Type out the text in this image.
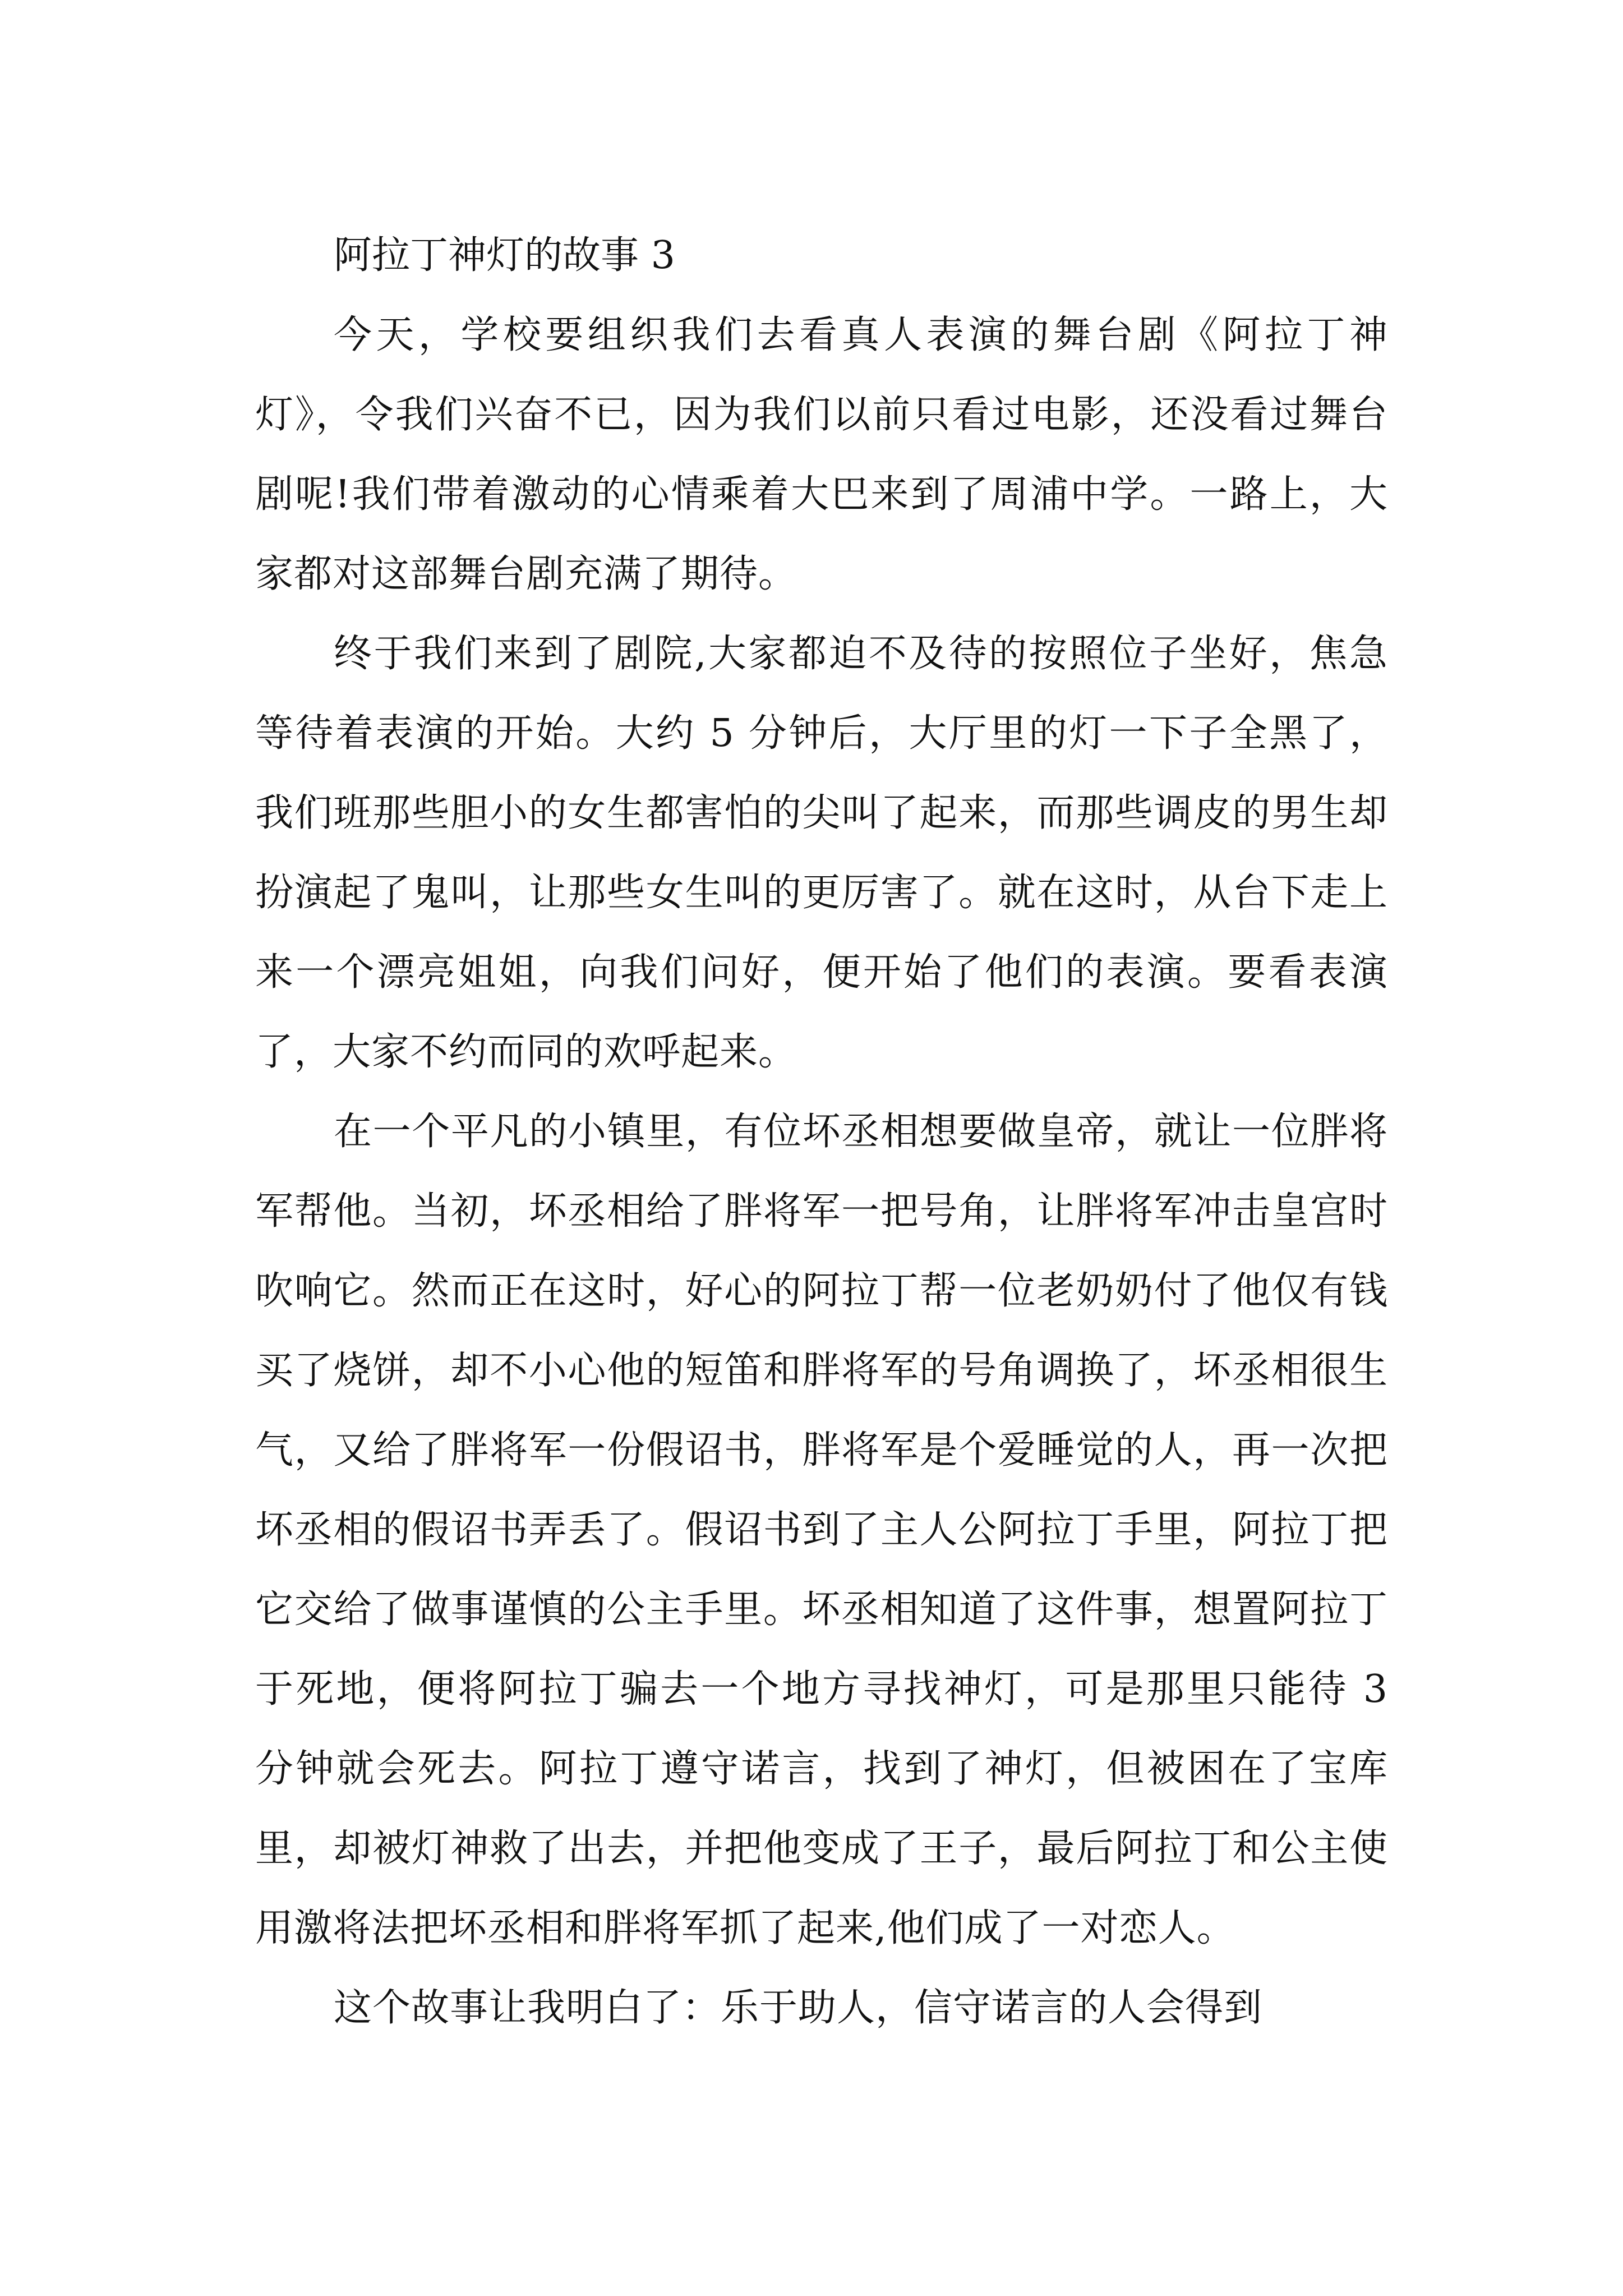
阿拉丁神灯的故事 3

今天，学校要组织我们去看真人表演的舞台剧《阿拉丁神灯》，令我们兴奋不已，因为我们以前只看过电影，还没看过舞台剧呢!我们带着激动的心情乘着大巴来到了周浦中学。一路上，大家都对这部舞台剧充满了期待。

终于我们来到了剧院,大家都迫不及待的按照位子坐好，焦急等待着表演的开始。大约 5 分钟后，大厅里的灯一下子全黑了，我们班那些胆小的女生都害怕的尖叫了起来，而那些调皮的男生却扮演起了鬼叫，让那些女生叫的更厉害了。就在这时，从台下走上来一个漂亮姐姐，向我们问好，便开始了他们的表演。要看表演了，大家不约而同的欢呼起来。

在一个平凡的小镇里，有位坏丞相想要做皇帝，就让一位胖将军帮他。当初，坏丞相给了胖将军一把号角，让胖将军冲击皇宫时吹响它。然而正在这时，好心的阿拉丁帮一位老奶奶付了他仅有钱买了烧饼，却不小心他的短笛和胖将军的号角调换了，坏丞相很生气，又给了胖将军一份假诏书，胖将军是个爱睡觉的人，再一次把坏丞相的假诏书弄丢了。假诏书到了主人公阿拉丁手里，阿拉丁把它交给了做事谨慎的公主手里。坏丞相知道了这件事，想置阿拉丁于死地，便将阿拉丁骗去一个地方寻找神灯，可是那里只能待 3 分钟就会死去。阿拉丁遵守诺言，找到了神灯，但被困在了宝库里，却被灯神救了出去，并把他变成了王子，最后阿拉丁和公主使用激将法把坏丞相和胖将军抓了起来,他们成了一对恋人。

这个故事让我明白了：乐于助人，信守诺言的人会得到
